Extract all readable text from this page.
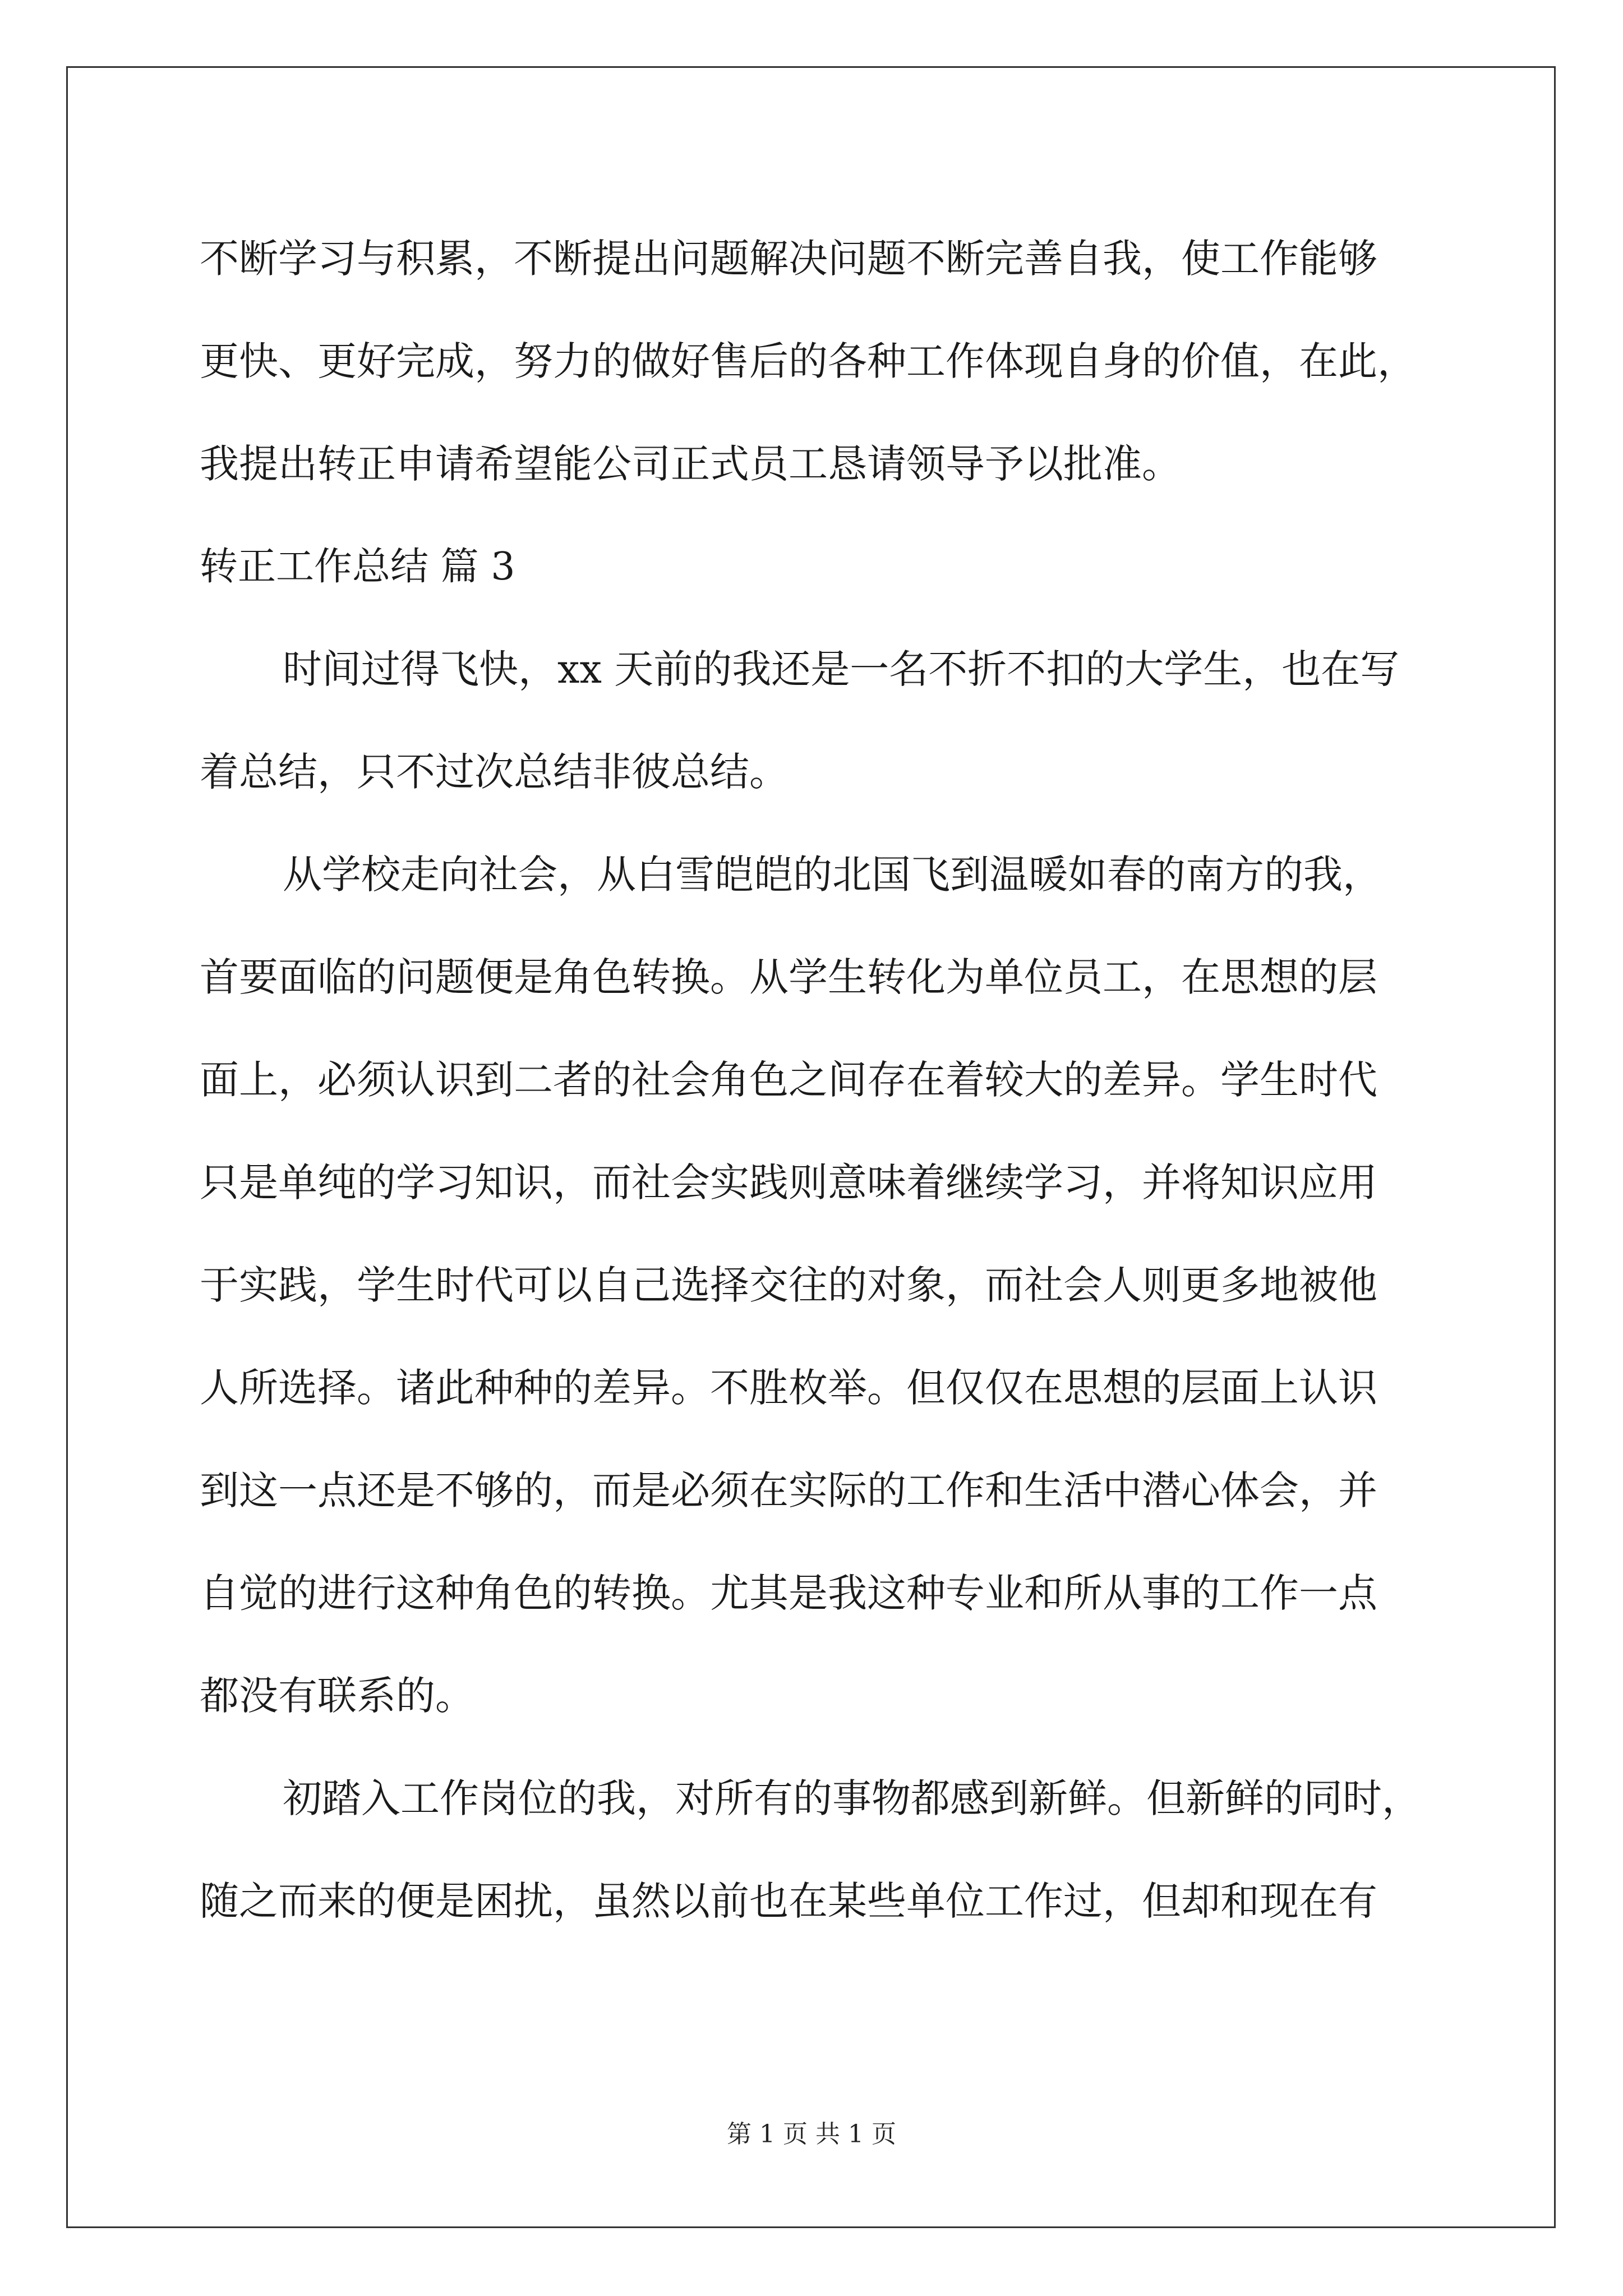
不断学习与积累，不断提出问题解决问题不断完善自我，使工作能够
更快、更好完成，努力的做好售后的各种工作体现自身的价值，在此，
我提出转正申请希望能公司正式员工恳请领导予以批准。
转正工作总结 篇 3
时间过得飞快，xx 天前的我还是一名不折不扣的大学生，也在写
着总结，只不过次总结非彼总结。
从学校走向社会，从白雪皑皑的北国飞到温暖如春的南方的我，
首要面临的问题便是角色转换。从学生转化为单位员工，在思想的层
面上，必须认识到二者的社会角色之间存在着较大的差异。学生时代
只是单纯的学习知识，而社会实践则意味着继续学习，并将知识应用
于实践，学生时代可以自己选择交往的对象，而社会人则更多地被他
人所选择。诸此种种的差异。不胜枚举。但仅仅在思想的层面上认识
到这一点还是不够的，而是必须在实际的工作和生活中潜心体会，并
自觉的进行这种角色的转换。尤其是我这种专业和所从事的工作一点
都没有联系的。
初踏入工作岗位的我，对所有的事物都感到新鲜。但新鲜的同时，
随之而来的便是困扰，虽然以前也在某些单位工作过，但却和现在有
第 1 页 共 1 页
